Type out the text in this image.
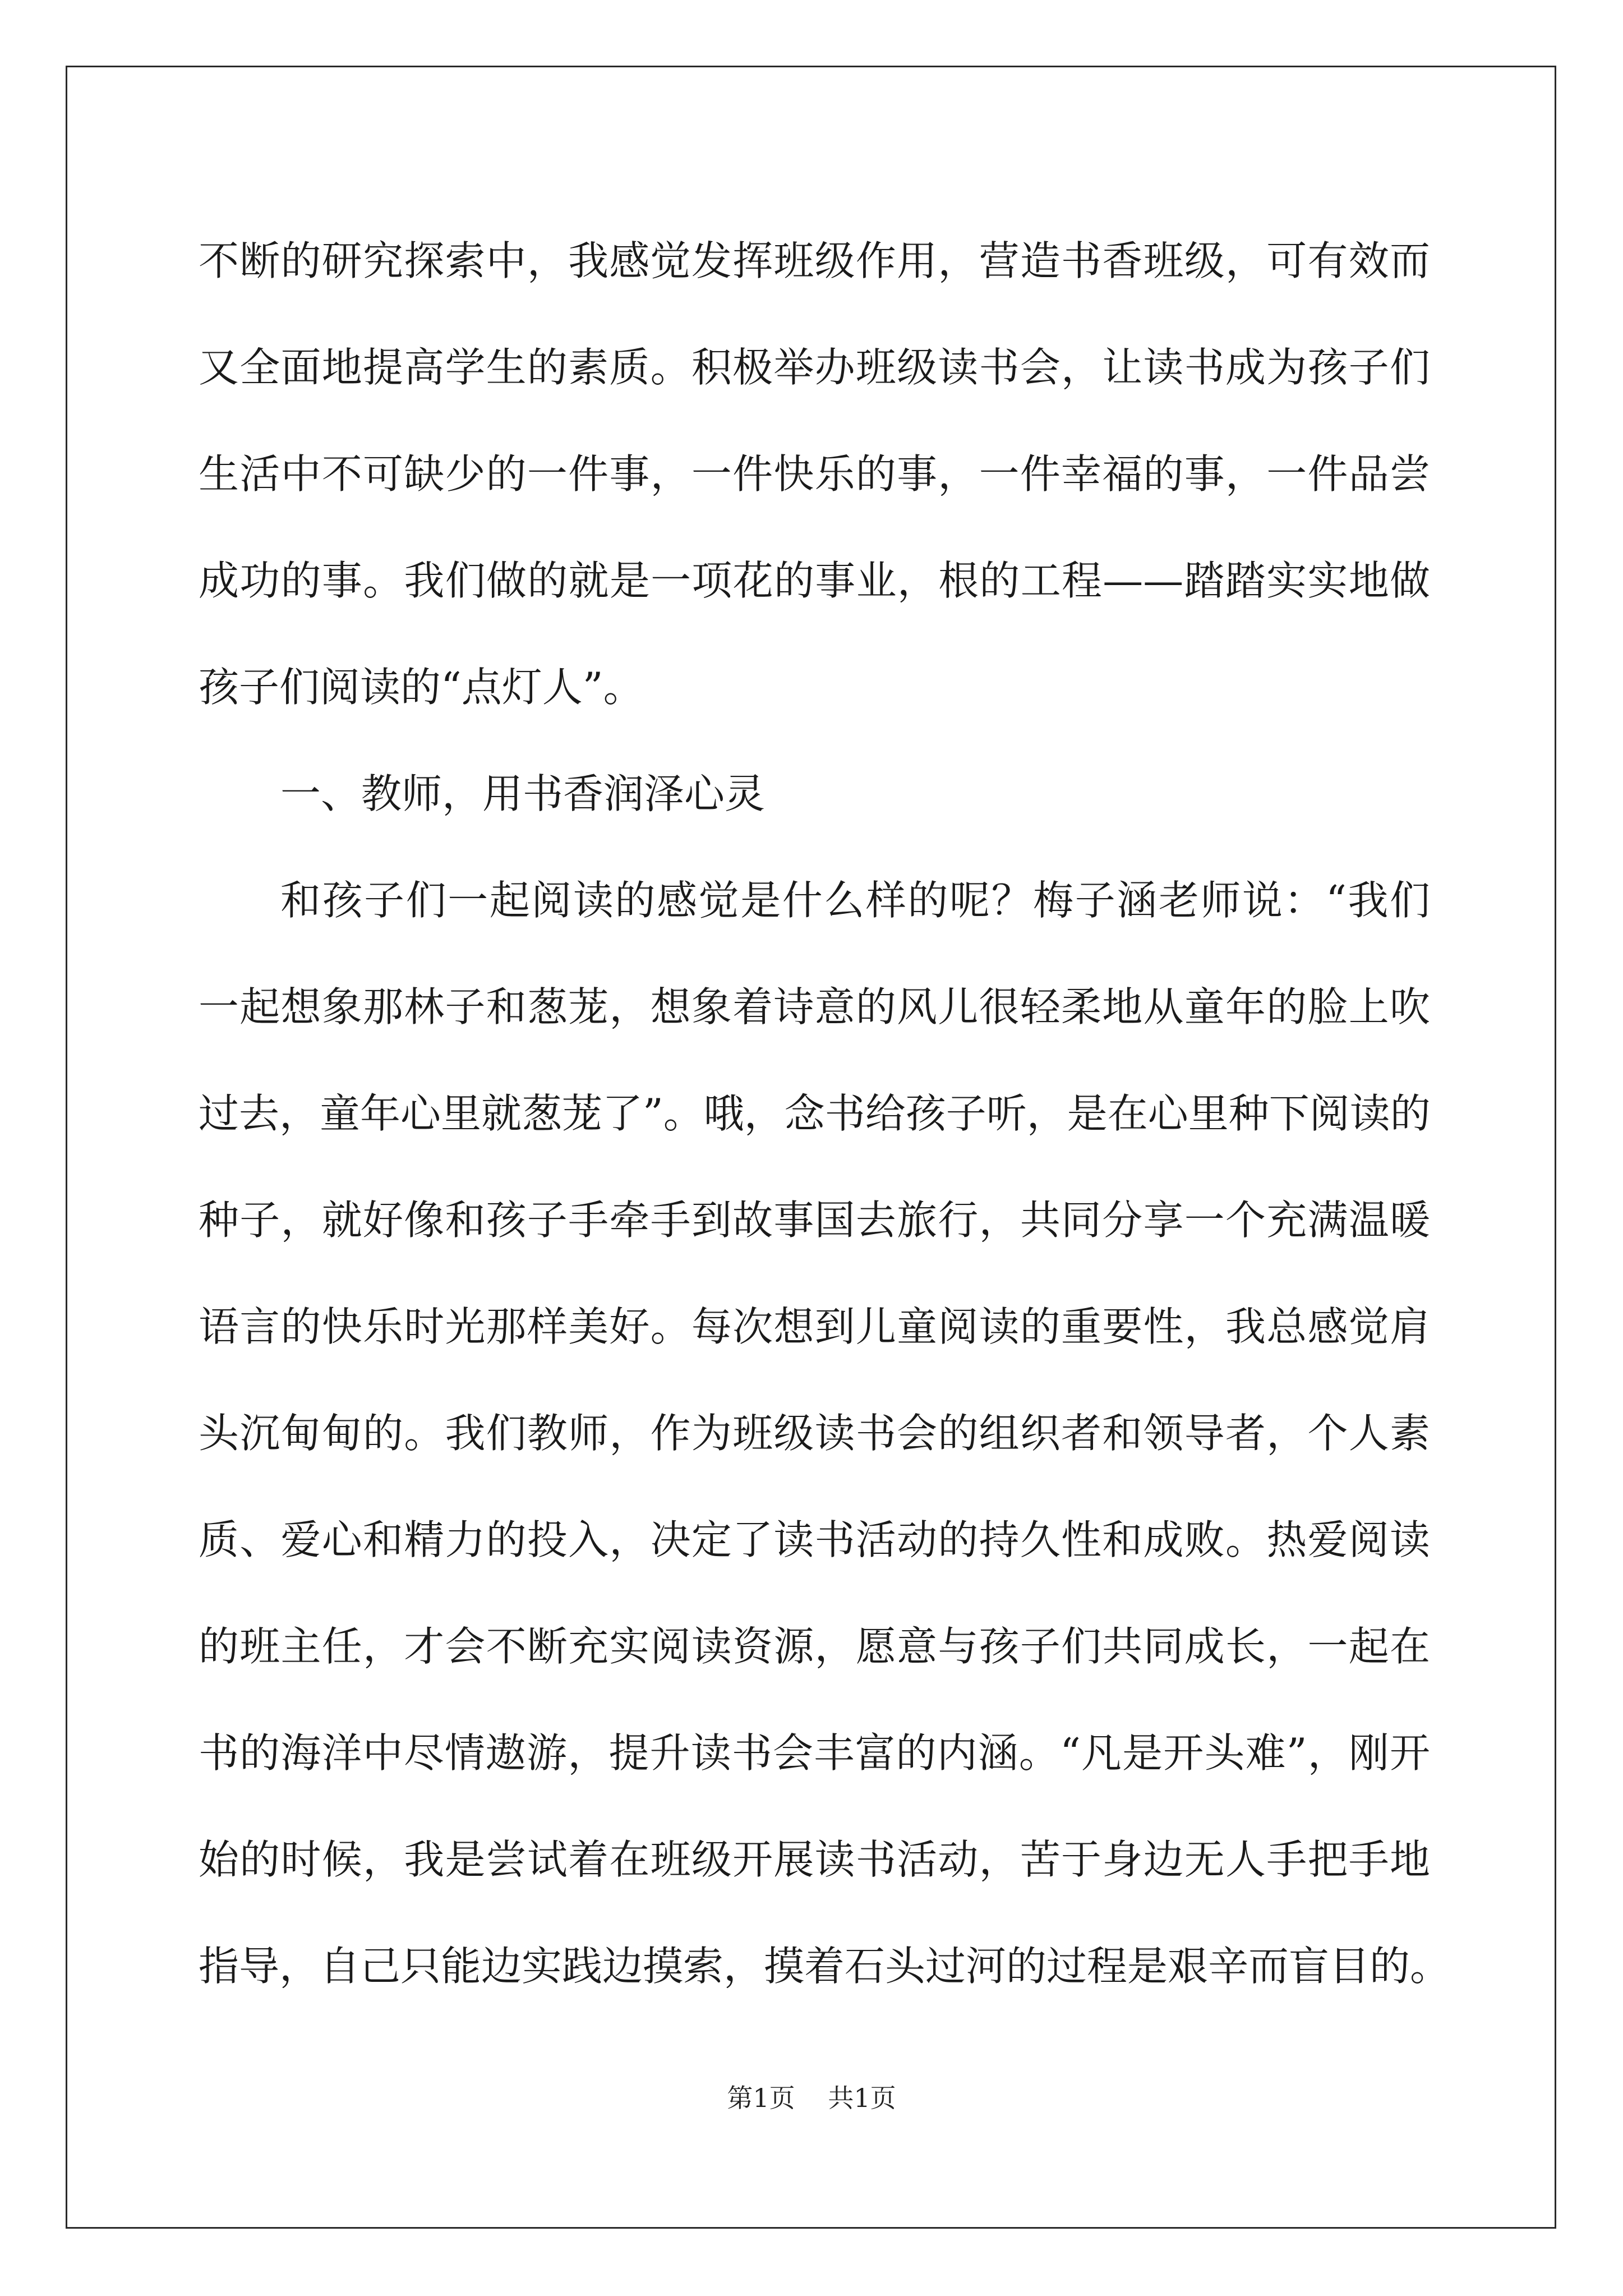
不断的研究探索中，我感觉发挥班级作用，营造书香班级，可有效而
又全面地提高学生的素质。积极举办班级读书会，让读书成为孩子们
生活中不可缺少的一件事，一件快乐的事，一件幸福的事，一件品尝
成功的事。我们做的就是一项花的事业，根的工程——踏踏实实地做
孩子们阅读的“点灯人”。
一、教师，用书香润泽心灵
和孩子们一起阅读的感觉是什么样的呢？梅子涵老师说：“我们
一起想象那林子和葱茏，想象着诗意的风儿很轻柔地从童年的脸上吹
过去，童年心里就葱茏了”。哦，念书给孩子听，是在心里种下阅读的
种子，就好像和孩子手牵手到故事国去旅行，共同分享一个充满温暖
语言的快乐时光那样美好。每次想到儿童阅读的重要性，我总感觉肩
头沉甸甸的。我们教师，作为班级读书会的组织者和领导者，个人素
质、爱心和精力的投入，决定了读书活动的持久性和成败。热爱阅读
的班主任，才会不断充实阅读资源，愿意与孩子们共同成长，一起在
书的海洋中尽情遨游，提升读书会丰富的内涵。“凡是开头难”，刚开
始的时候，我是尝试着在班级开展读书活动，苦于身边无人手把手地
指导，自己只能边实践边摸索，摸着石头过河的过程是艰辛而盲目的。
第1页 共1页
